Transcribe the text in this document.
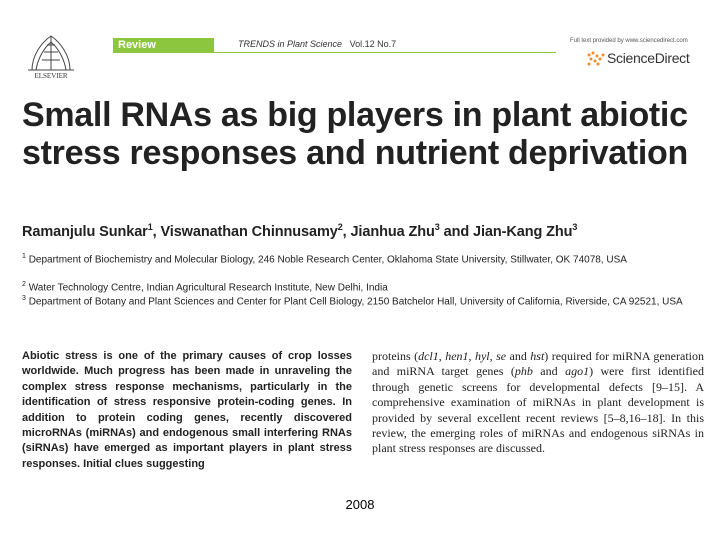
ELSEVIER
Review	TRENDS in Plant Science Vol.12 No.7	Full text provided by www.sciencedirect.com
ScienceDirect
Small RNAs as big players in plant abiotic stress responses and nutrient deprivation
Ramanjulu Sunkar$^1$, Viswanathan Chinnusamy$^2$, Jianhua Zhu$^3$ and Jian-Kang Zhu$^3$
$^1$ Department of Biochemistry and Molecular Biology, 246 Noble Research Center, Oklahoma State University, Stillwater, OK 74078, USA
$^2$ Water Technology Centre, Indian Agricultural Research Institute, New Delhi, India
$^3$ Department of Botany and Plant Sciences and Center for Plant Cell Biology, 2150 Batchelor Hall, University of California, Riverside, CA 92521, USA
Abiotic stress is one of the primary causes of crop losses worldwide. Much progress has been made in unraveling the complex stress response mechanisms, particularly in the identification of stress responsive protein-coding genes. In addition to protein coding genes, recently discovered microRNAs (miRNAs) and endogenous small interfering RNAs (siRNAs) have emerged as important players in plant stress responses. Initial clues suggesting
proteins (dcl1, hen1, hyl, se and hst) required for miRNA generation and miRNA target genes (phb and ago1) were first identified through genetic screens for developmental defects [9–15]. A comprehensive examination of miRNAs in plant development is provided by several excellent recent reviews [5–8,16–18]. In this review, the emerging roles of miRNAs and endogenous siRNAs in plant stress responses are discussed.
2008
